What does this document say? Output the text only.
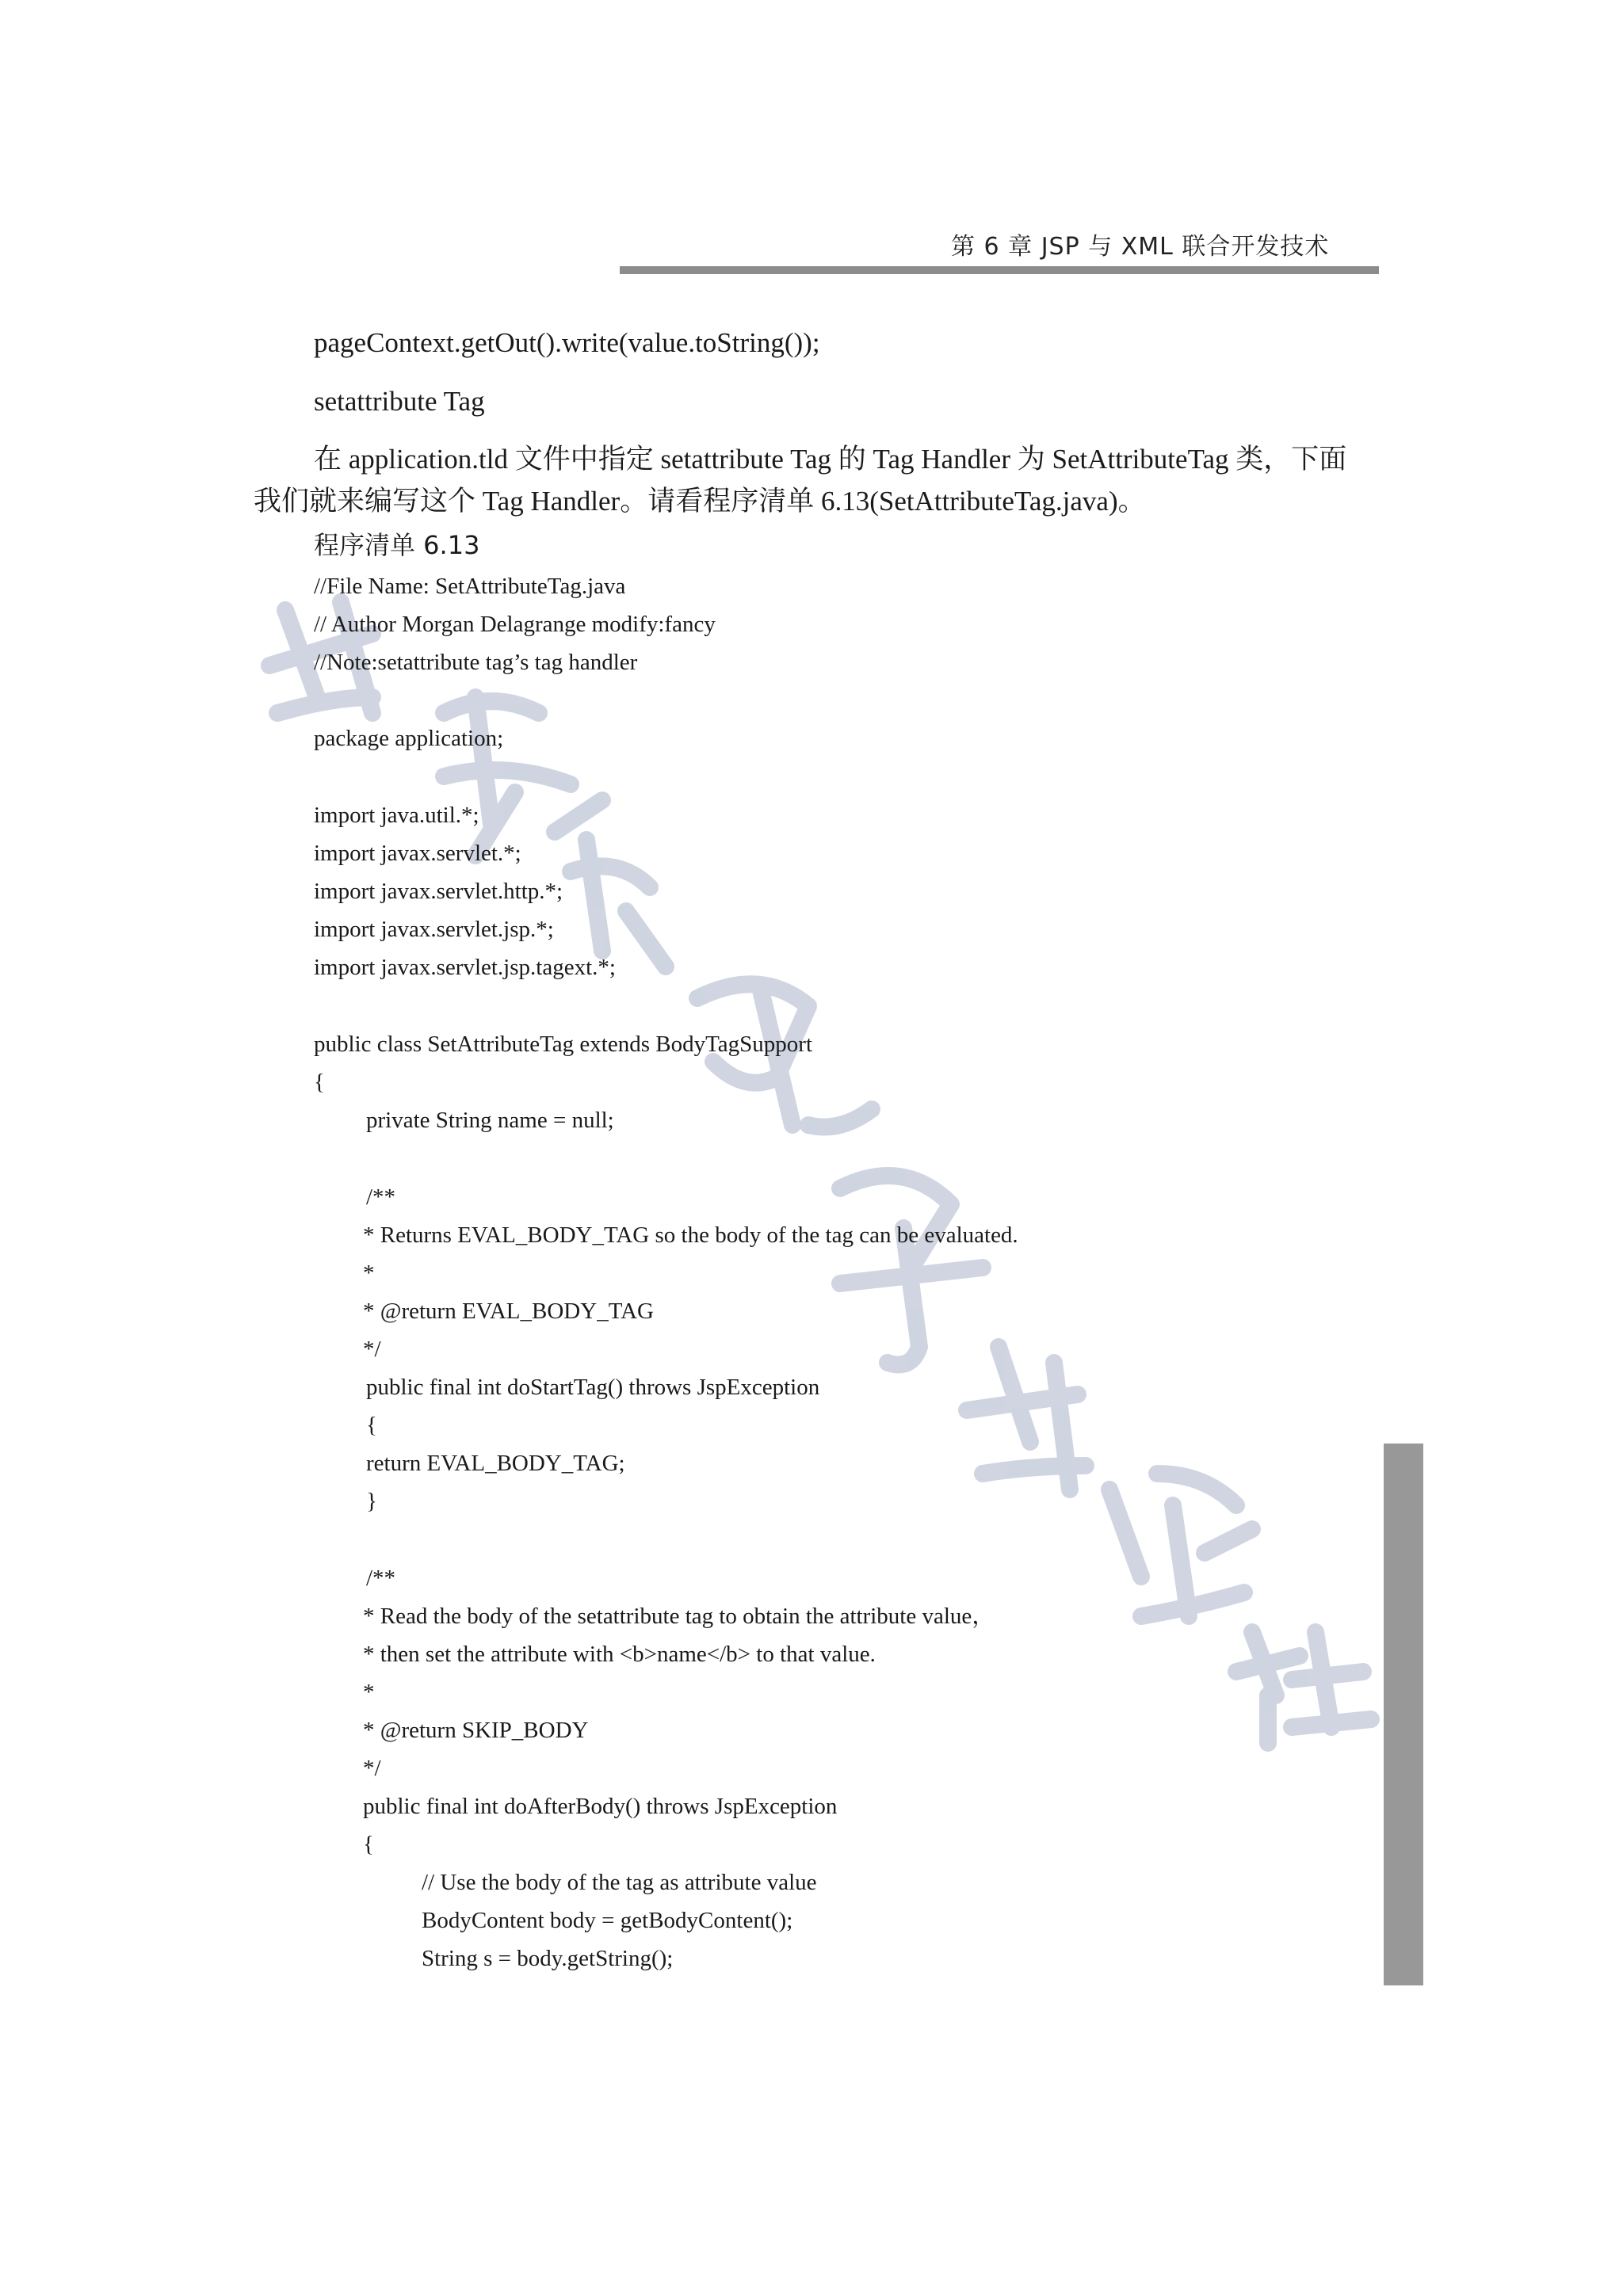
第 6 章 JSP 与 XML 联合开发技术
pageContext.getOut().write(value.toString());
setattribute Tag
在 application.tld 文件中指定 setattribute Tag 的 Tag Handler 为 SetAttributeTag 类，下面
我们就来编写这个 Tag Handler。请看程序清单 6.13(SetAttributeTag.java)。
程序清单 6.13
//File Name: SetAttributeTag.java
// Author Morgan Delagrange modify:fancy
//Note:setattribute tag’s tag handler
package application;
import java.util.*;
import javax.servlet.*;
import javax.servlet.http.*;
import javax.servlet.jsp.*;
import javax.servlet.jsp.tagext.*;
public class SetAttributeTag extends BodyTagSupport
{
private String name = null;
/**
* Returns EVAL_BODY_TAG so the body of the tag can be evaluated.
*
* @return EVAL_BODY_TAG
*/
public final int doStartTag() throws JspException
{
return EVAL_BODY_TAG;
}
/**
* Read the body of the setattribute tag to obtain the attribute value，
* then set the attribute with <b>name</b> to that value.
*
* @return SKIP_BODY
*/
public final int doAfterBody() throws JspException
{
// Use the body of the tag as attribute value
BodyContent body = getBodyContent();
String s = body.getString();
